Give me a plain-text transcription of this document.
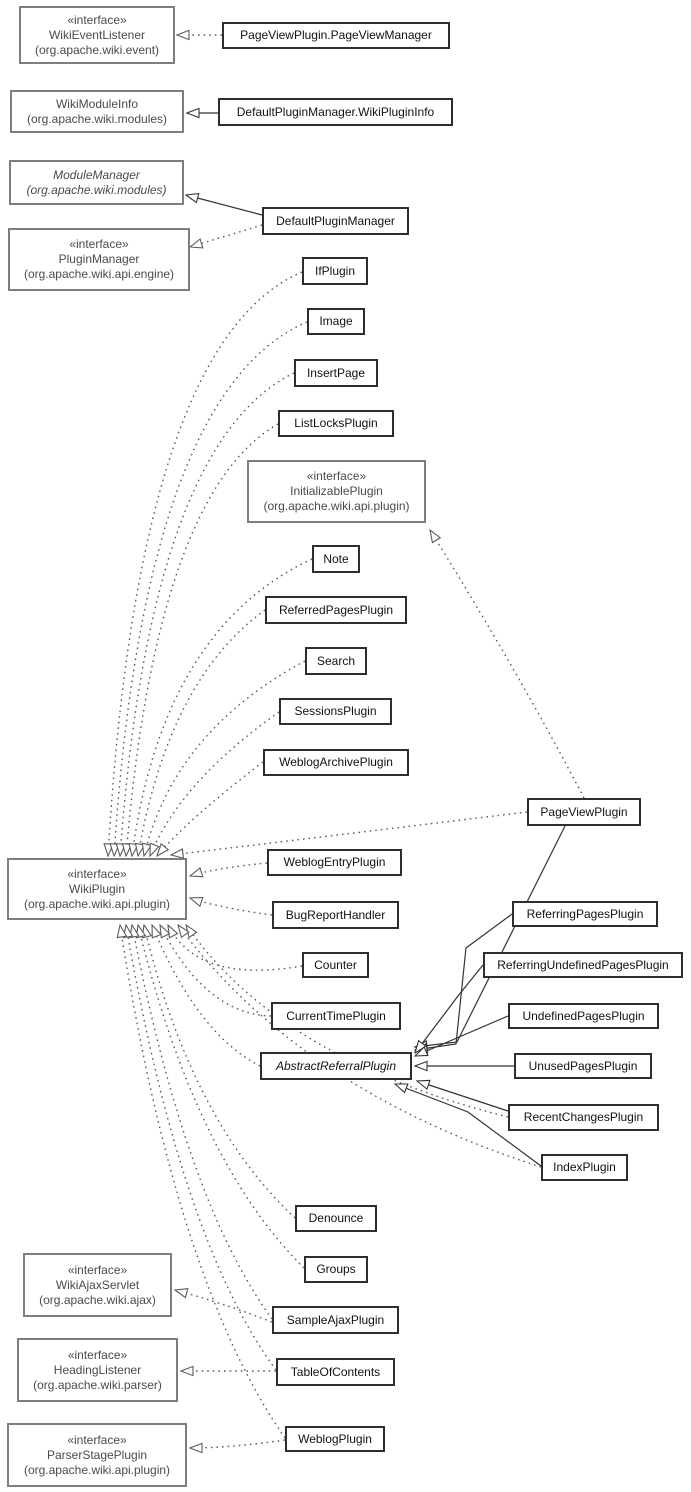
«interface»
WikiEventListener
(org.apache.wiki.event)
WikiModuleInfo
(org.apache.wiki.modules)
ModuleManager
(org.apache.wiki.modules)
«interface»
PluginManager
(org.apache.wiki.api.engine)
«interface»
InitializablePlugin
(org.apache.wiki.api.plugin)
«interface»
WikiPlugin
(org.apache.wiki.api.plugin)
«interface»
WikiAjaxServlet
(org.apache.wiki.ajax)
«interface»
HeadingListener
(org.apache.wiki.parser)
«interface»
ParserStagePlugin
(org.apache.wiki.api.plugin)
PageViewPlugin.PageViewManager
DefaultPluginManager.WikiPluginInfo
DefaultPluginManager
IfPlugin
Image
InsertPage
ListLocksPlugin
Note
ReferredPagesPlugin
Search
SessionsPlugin
WeblogArchivePlugin
PageViewPlugin
WeblogEntryPlugin
BugReportHandler
Counter
CurrentTimePlugin
AbstractReferralPlugin
ReferringPagesPlugin
ReferringUndefinedPagesPlugin
UndefinedPagesPlugin
UnusedPagesPlugin
RecentChangesPlugin
IndexPlugin
Denounce
Groups
SampleAjaxPlugin
TableOfContents
WeblogPlugin
